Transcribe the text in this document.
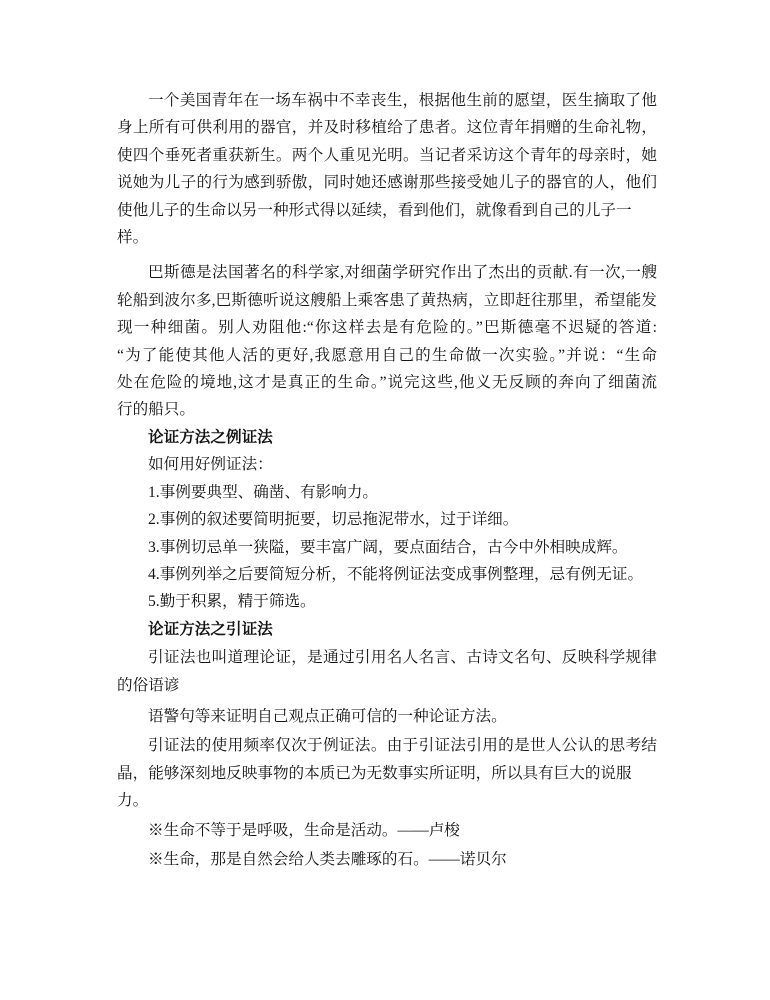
一个美国青年在一场车祸中不幸丧生，根据他生前的愿望，医生摘取了他
身上所有可供利用的器官，并及时移植给了患者。这位青年捐赠的生命礼物，
使四个垂死者重获新生。两个人重见光明。当记者采访这个青年的母亲时，她
说她为儿子的行为感到骄傲，同时她还感谢那些接受她儿子的器官的人，他们
使他儿子的生命以另一种形式得以延续，看到他们，就像看到自己的儿子一
样。
巴斯德是法国著名的科学家,对细菌学研究作出了杰出的贡献.有一次,一艘
轮船到波尔多,巴斯德听说这艘船上乘客患了黄热病，立即赶往那里，希望能发
现一种细菌。别人劝阻他:“你这样去是有危险的。”巴斯德毫不迟疑的答道:
“为了能使其他人活的更好,我愿意用自己的生命做一次实验。”并说：“生命
处在危险的境地,这才是真正的生命。”说完这些,他义无反顾的奔向了细菌流
行的船只。
论证方法之例证法
如何用好例证法：
1.事例要典型、确凿、有影响力。
2.事例的叙述要简明扼要，切忌拖泥带水，过于详细。
3.事例切忌单一狭隘，要丰富广阔，要点面结合，古今中外相映成辉。
4.事例列举之后要简短分析，不能将例证法变成事例整理，忌有例无证。
5.勤于积累，精于筛选。
论证方法之引证法
引证法也叫道理论证，是通过引用名人名言、古诗文名句、反映科学规律
的俗语谚
语警句等来证明自己观点正确可信的一种论证方法。
引证法的使用频率仅次于例证法。由于引证法引用的是世人公认的思考结
晶，能够深刻地反映事物的本质已为无数事实所证明，所以具有巨大的说服
力。
※生命不等于是呼吸，生命是活动。——卢梭
※生命，那是自然会给人类去雕琢的石。——诺贝尔
